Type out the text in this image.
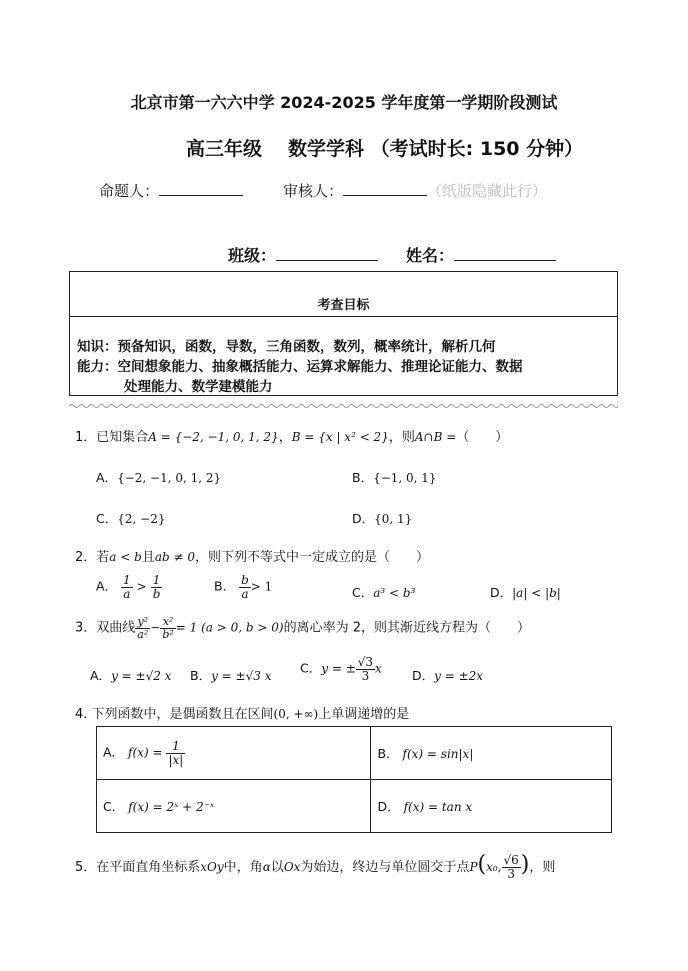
北京市第一六六中学 2024-2025 学年度第一学期阶段测试
高三年级 数学学科 （考试时长: 150 分钟）
命题人：	审核人：	（纸版隐藏此行）
班级：	姓名：
考查目标
知识：预备知识，函数，导数，三角函数，数列，概率统计，解析几何
能力：空间想象能力、抽象概括能力、运算求解能力、推理论证能力、数据
处理能力、数学建模能力
1．已知集合A = {−2, −1, 0, 1, 2}，B = {x | x² < 2}，则A∩B =（　　）
A．{−2, −1, 0, 1, 2}	B．{−1, 0, 1}
C．{2, −2}	D．{0, 1}
2．若a < b且ab ≠ 0，则下列不等式中一定成立的是（　　）
A． $\frac{1}{a} > \frac{1}{b}$	B． $\frac{b}{a} > 1$	C．a³ < b³	D．|a| < |b|
3．双曲线 $\frac{\text{y²}}{\text{a²}} - \frac{\text{x²}}{\text{b²}} = 1$ (a > 0, b > 0)的离心率为 2，则其渐近线方程为（　　）
A．y = ±√2 x B．y = ±√3 x
C．y = ± $\frac{√3}{3}$ x D．y = ±2x
4. 下列函数中，是偶函数且在区间(0, +∞)上单调递增的是
A． $f(x) = \frac{1}{|x|}$	B． f(x) = sin|x|
C． f(x) = 2ˣ + 2⁻ˣ	D． f(x) = tan x
5．在平面直角坐标系xOy中，角α以Ox为始边，终边与单位圆交于点P(x₀, $\frac{√6}{3}$ )，则
